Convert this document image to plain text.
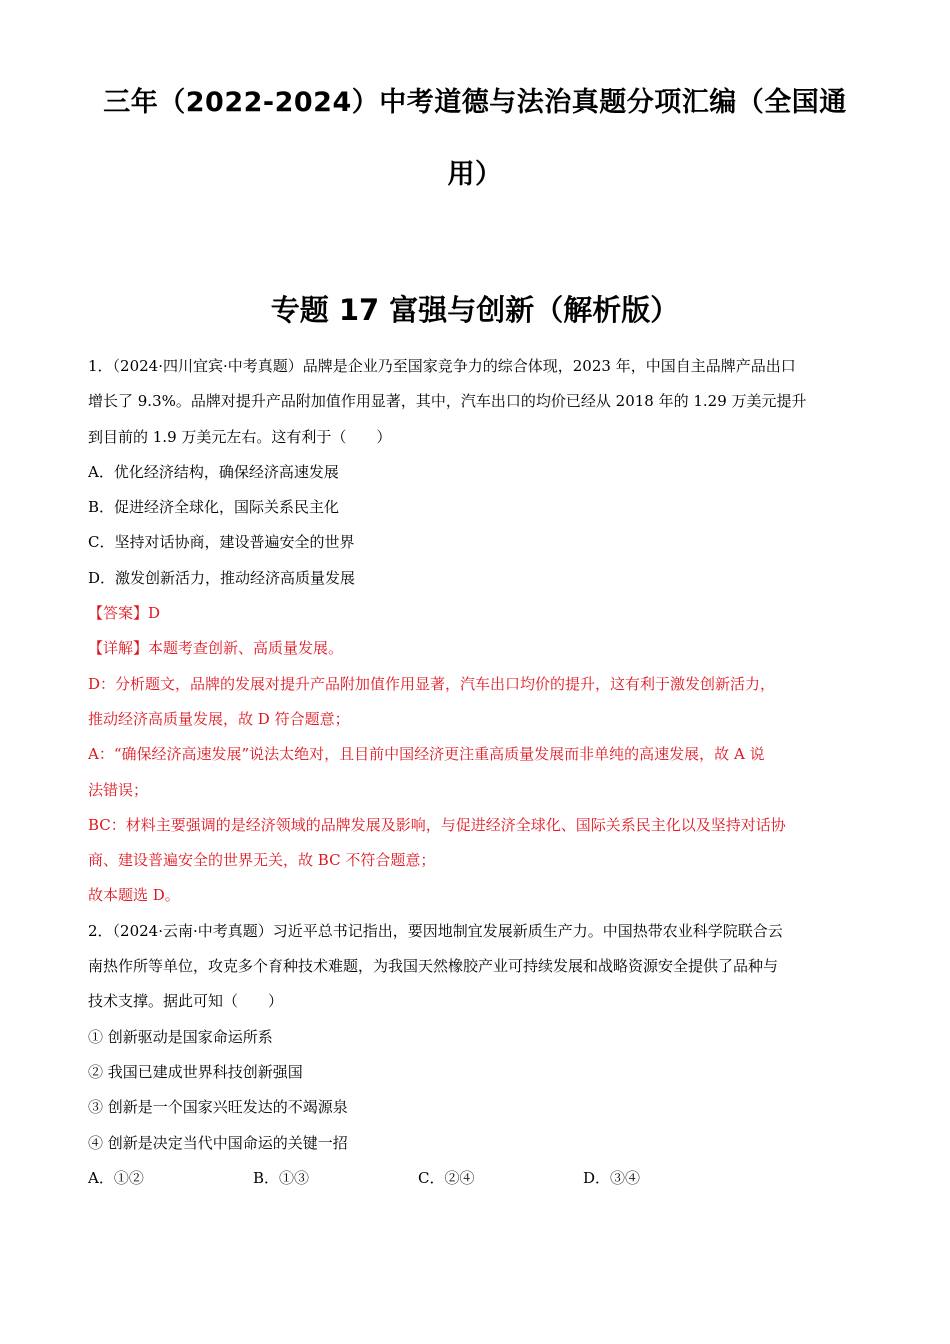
三年（2022-2024）中考道德与法治真题分项汇编（全国通
用）
专题 17 富强与创新（解析版）
1．（2024·四川宜宾·中考真题）品牌是企业乃至国家竞争力的综合体现，2023 年，中国自主品牌产品出口
增长了 9.3%。品牌对提升产品附加值作用显著，其中，汽车出口的均价已经从 2018 年的 1.29 万美元提升
到目前的 1.9 万美元左右。这有利于（　　）
A．优化经济结构，确保经济高速发展
B．促进经济全球化，国际关系民主化
C．坚持对话协商，建设普遍安全的世界
D．激发创新活力，推动经济高质量发展
【答案】D
【详解】本题考查创新、高质量发展。
D：分析题文，品牌的发展对提升产品附加值作用显著，汽车出口均价的提升，这有利于激发创新活力，
推动经济高质量发展，故 D 符合题意；
A：“确保经济高速发展”说法太绝对，且目前中国经济更注重高质量发展而非单纯的高速发展，故 A 说
法错误；
BC：材料主要强调的是经济领域的品牌发展及影响，与促进经济全球化、国际关系民主化以及坚持对话协
商、建设普遍安全的世界无关，故 BC 不符合题意；
故本题选 D。
2．（2024·云南·中考真题）习近平总书记指出，要因地制宜发展新质生产力。中国热带农业科学院联合云
南热作所等单位，攻克多个育种技术难题，为我国天然橡胶产业可持续发展和战略资源安全提供了品种与
技术支撑。据此可知（　　）
① 创新驱动是国家命运所系
② 我国已建成世界科技创新强国
③ 创新是一个国家兴旺发达的不竭源泉
④ 创新是决定当代中国命运的关键一招
A．①②	B．①③	C．②④	D．③④
